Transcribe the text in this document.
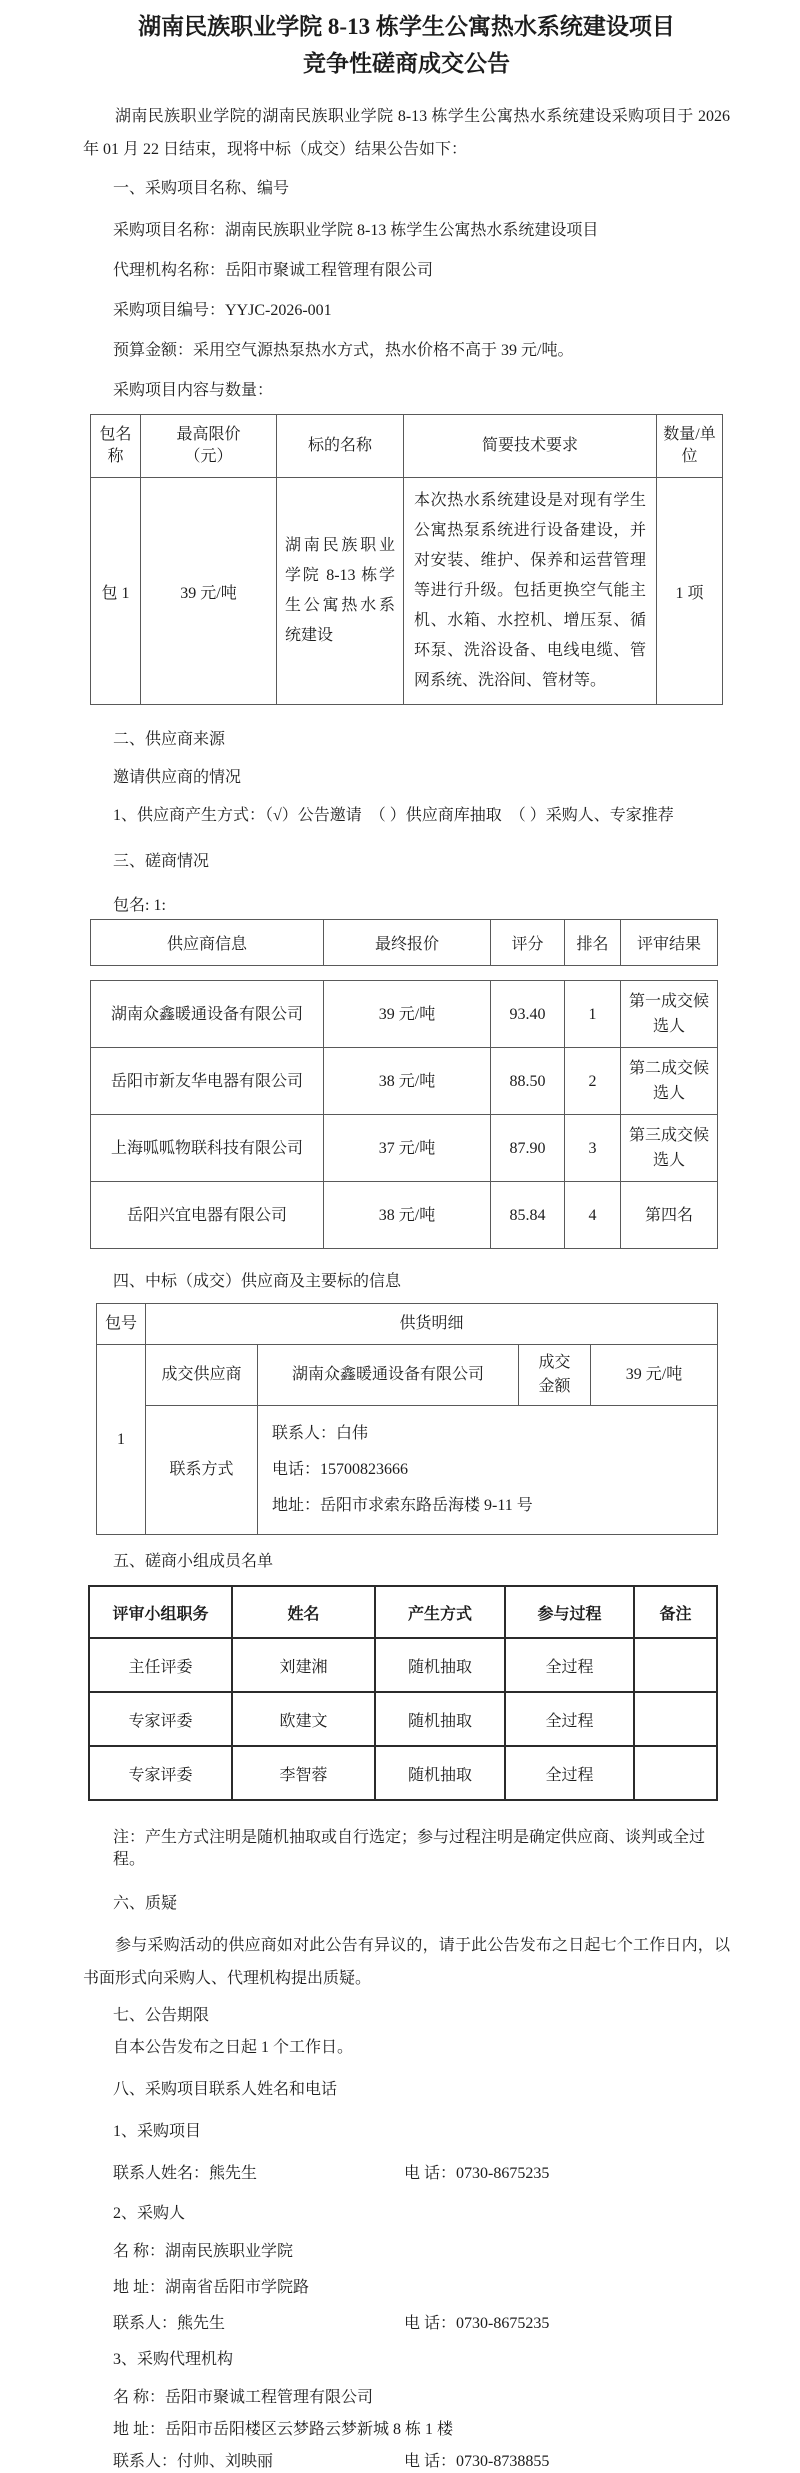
湖南民族职业学院 8-13 栋学生公寓热水系统建设项目
竞争性磋商成交公告

湖南民族职业学院的湖南民族职业学院 8-13 栋学生公寓热水系统建设采购项目于 2026 年 01 月 22 日结束，现将中标（成交）结果公告如下：

一、采购项目名称、编号

采购项目名称：湖南民族职业学院 8-13 栋学生公寓热水系统建设项目

代理机构名称：岳阳市聚诚工程管理有限公司

采购项目编号：YYJC-2026-001

预算金额：采用空气源热泵热水方式，热水价格不高于 39 元/吨。

采购项目内容与数量：

包名称	最高限价
（元）	标的名称	简要技术要求	数量/单位
包 1	39 元/吨	湖南民族职业学院 8-13 栋学生公寓热水系统建设	本次热水系统建设是对现有学生公寓热泵系统进行设备建设，并对安装、维护、保养和运营管理等进行升级。包括更换空气能主机、水箱、水控机、增压泵、循环泵、洗浴设备、电线电缆、管网系统、洗浴间、管材等。	1 项

二、供应商来源

邀请供应商的情况

1、供应商产生方式：（√）公告邀请　（ ）供应商库抽取　（ ）采购人、专家推荐

三、磋商情况

包名: 1:

供应商信息	最终报价	评分	排名	评审结果
湖南众鑫暖通设备有限公司	39 元/吨	93.40	1	第一成交候选人
岳阳市新友华电器有限公司	38 元/吨	88.50	2	第二成交候选人
上海呱呱物联科技有限公司	37 元/吨	87.90	3	第三成交候选人
岳阳兴宜电器有限公司	38 元/吨	85.84	4	第四名

四、中标（成交）供应商及主要标的信息

包号	供货明细			
1	成交供应商	湖南众鑫暖通设备有限公司	成交
金额	39 元/吨
	联系方式	联系人：白伟

电话：15700823666

地址：岳阳市求索东路岳海楼 9-11 号		

五、磋商小组成员名单

评审小组职务	姓名	产生方式	参与过程	备注
主任评委	刘建湘	随机抽取	全过程	
专家评委	欧建文	随机抽取	全过程	
专家评委	李智蓉	随机抽取	全过程	

注：产生方式注明是随机抽取或自行选定；参与过程注明是确定供应商、谈判或全过程。

六、质疑

参与采购活动的供应商如对此公告有异议的，请于此公告发布之日起七个工作日内，以书面形式向采购人、代理机构提出质疑。

七、公告期限

自本公告发布之日起 1 个工作日。

八、采购项目联系人姓名和电话

1、采购项目

联系人姓名：熊先生	电 话：0730-8675235

2、采购人

名 称：湖南民族职业学院

地 址：湖南省岳阳市学院路

联系人：熊先生	电 话：0730-8675235

3、采购代理机构

名 称：岳阳市聚诚工程管理有限公司

地 址：岳阳市岳阳楼区云梦路云梦新城 8 栋 1 楼

联系人：付帅、刘映丽	电 话：0730-8738855
